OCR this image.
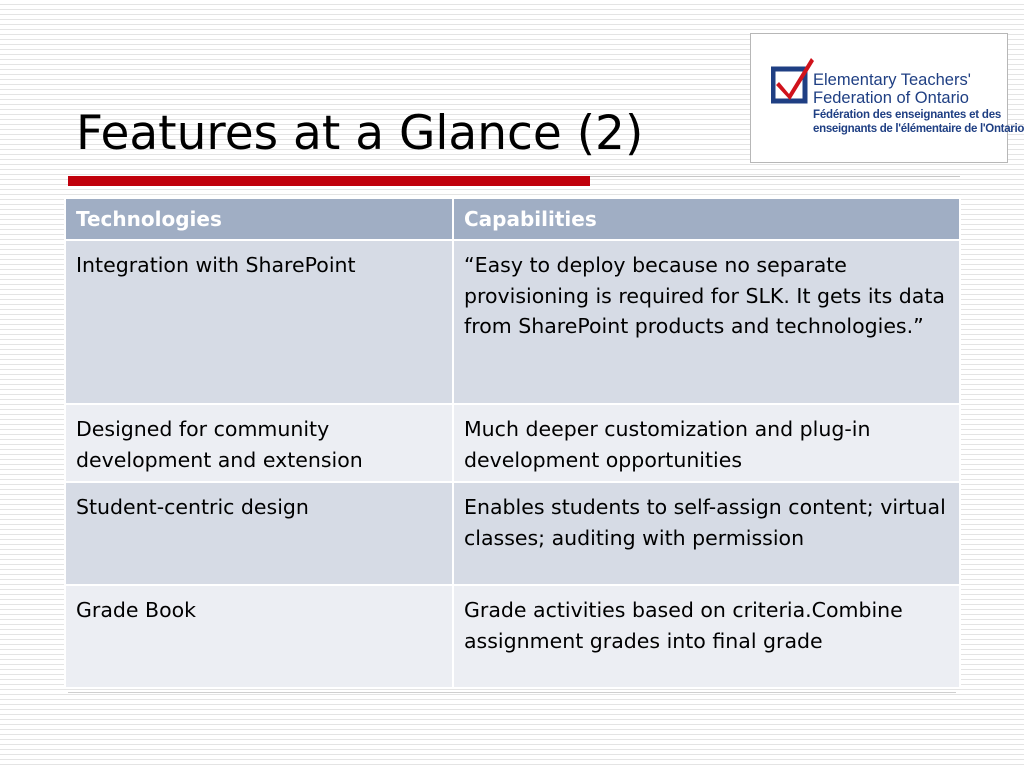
Features at a Glance (2)
Elementary Teachers'
Federation of Ontario
Fédération des enseignantes et des
enseignants de l'élémentaire de l'Ontario
Technologies	Capabilities
Integration with SharePoint	“Easy to deploy because no separate provisioning is required for SLK. It gets its data from SharePoint products and technologies.”
Designed for community development and extension	Much deeper customization and plug-in development opportunities
Student-centric design	Enables students to self-assign content; virtual classes; auditing with permission
Grade Book	Grade activities based on criteria.Combine assignment grades into final grade
